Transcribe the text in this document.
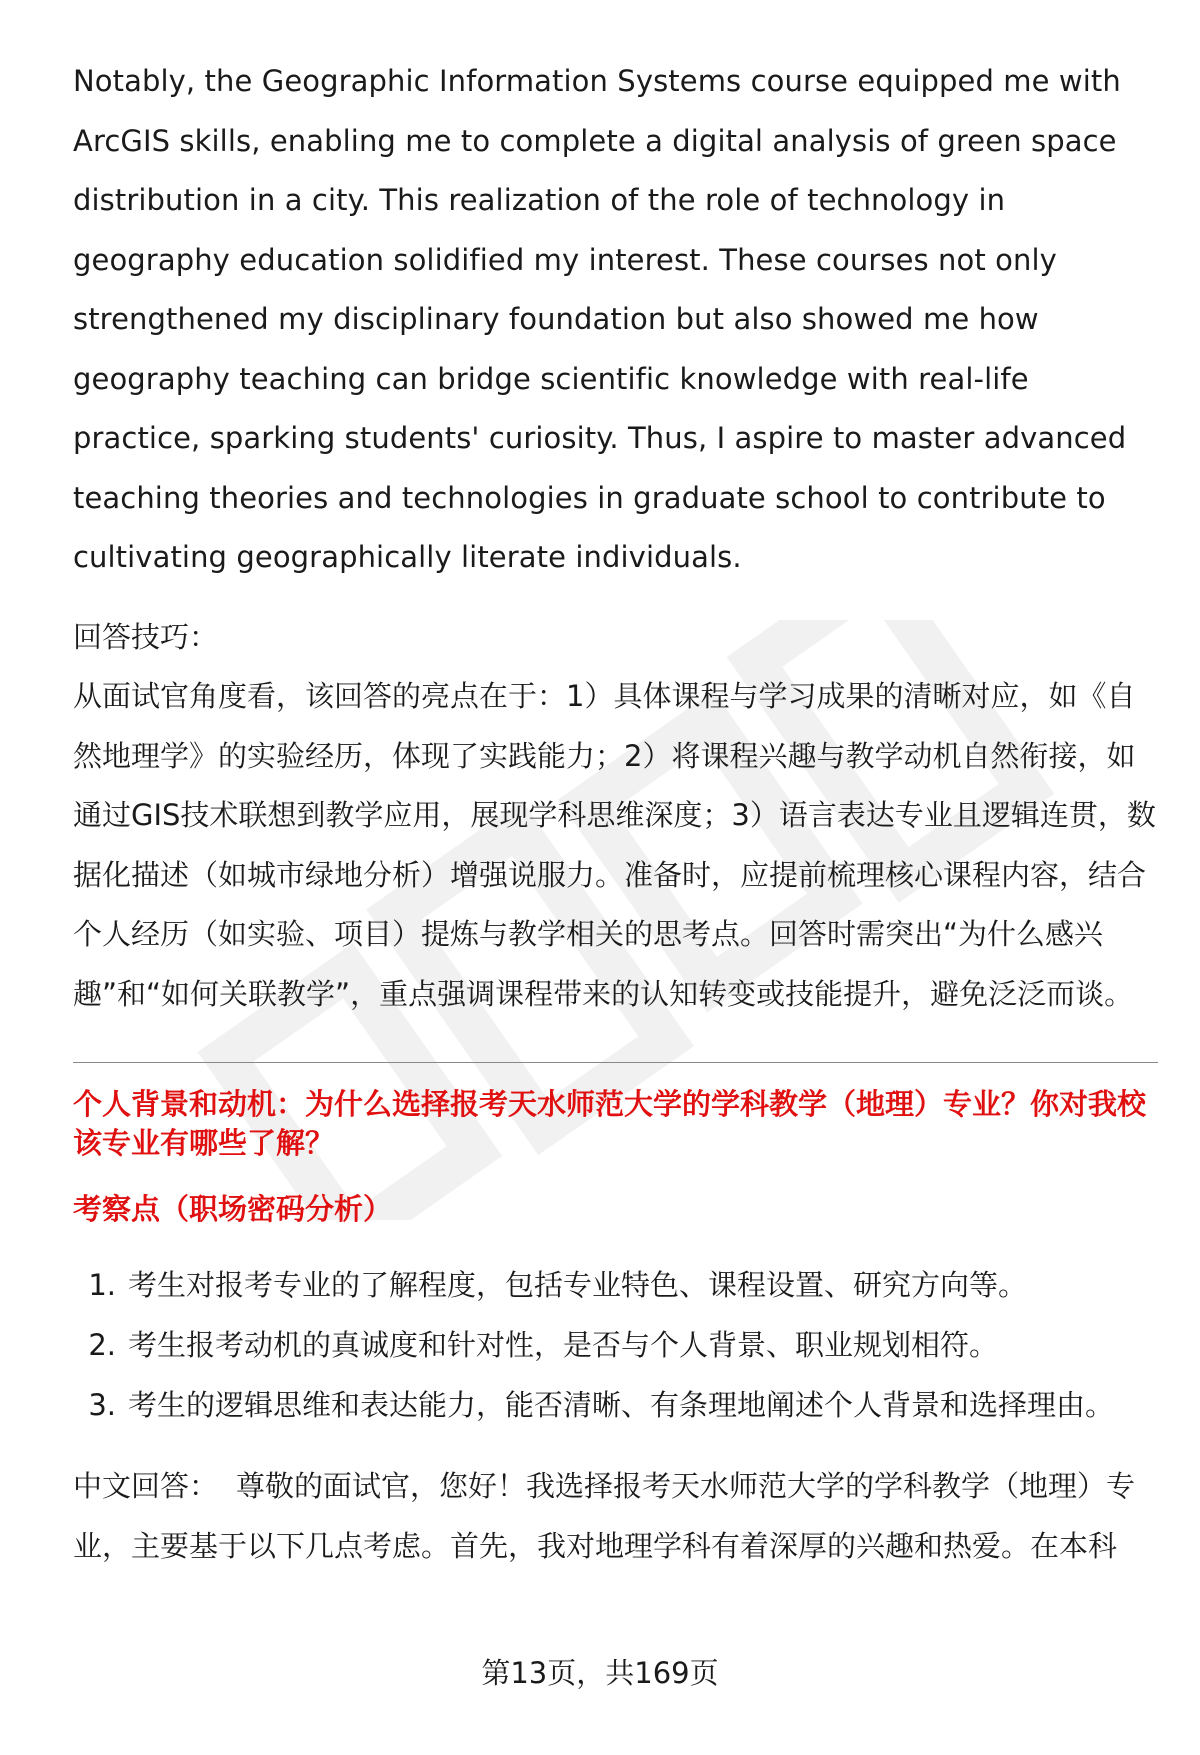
Notably, the Geographic Information Systems course equipped me with ArcGIS skills, enabling me to complete a digital analysis of green space distribution in a city. This realization of the role of technology in geography education solidified my interest. These courses not only strengthened my disciplinary foundation but also showed me how geography teaching can bridge scientific knowledge with real-life practice, sparking students' curiosity. Thus, I aspire to master advanced teaching theories and technologies in graduate school to contribute to cultivating geographically literate individuals.

回答技巧：

从面试官角度看，该回答的亮点在于：1）具体课程与学习成果的清晰对应，如《自然地理学》的实验经历，体现了实践能力；2）将课程兴趣与教学动机自然衔接，如通过GIS技术联想到教学应用，展现学科思维深度；3）语言表达专业且逻辑连贯，数据化描述（如城市绿地分析）增强说服力。准备时，应提前梳理核心课程内容，结合个人经历（如实验、项目）提炼与教学相关的思考点。回答时需突出“为什么感兴趣”和“如何关联教学”，重点强调课程带来的认知转变或技能提升，避免泛泛而谈。

个人背景和动机：为什么选择报考天水师范大学的学科教学（地理）专业？你对我校该专业有哪些了解？

考察点（职场密码分析）

1. 考生对报考专业的了解程度，包括专业特色、课程设置、研究方向等。
2. 考生报考动机的真诚度和针对性，是否与个人背景、职业规划相符。
3. 考生的逻辑思维和表达能力，能否清晰、有条理地阐述个人背景和选择理由。

中文回答： 尊敬的面试官，您好！我选择报考天水师范大学的学科教学（地理）专业，主要基于以下几点考虑。首先，我对地理学科有着深厚的兴趣和热爱。在本科

第13页，共169页
